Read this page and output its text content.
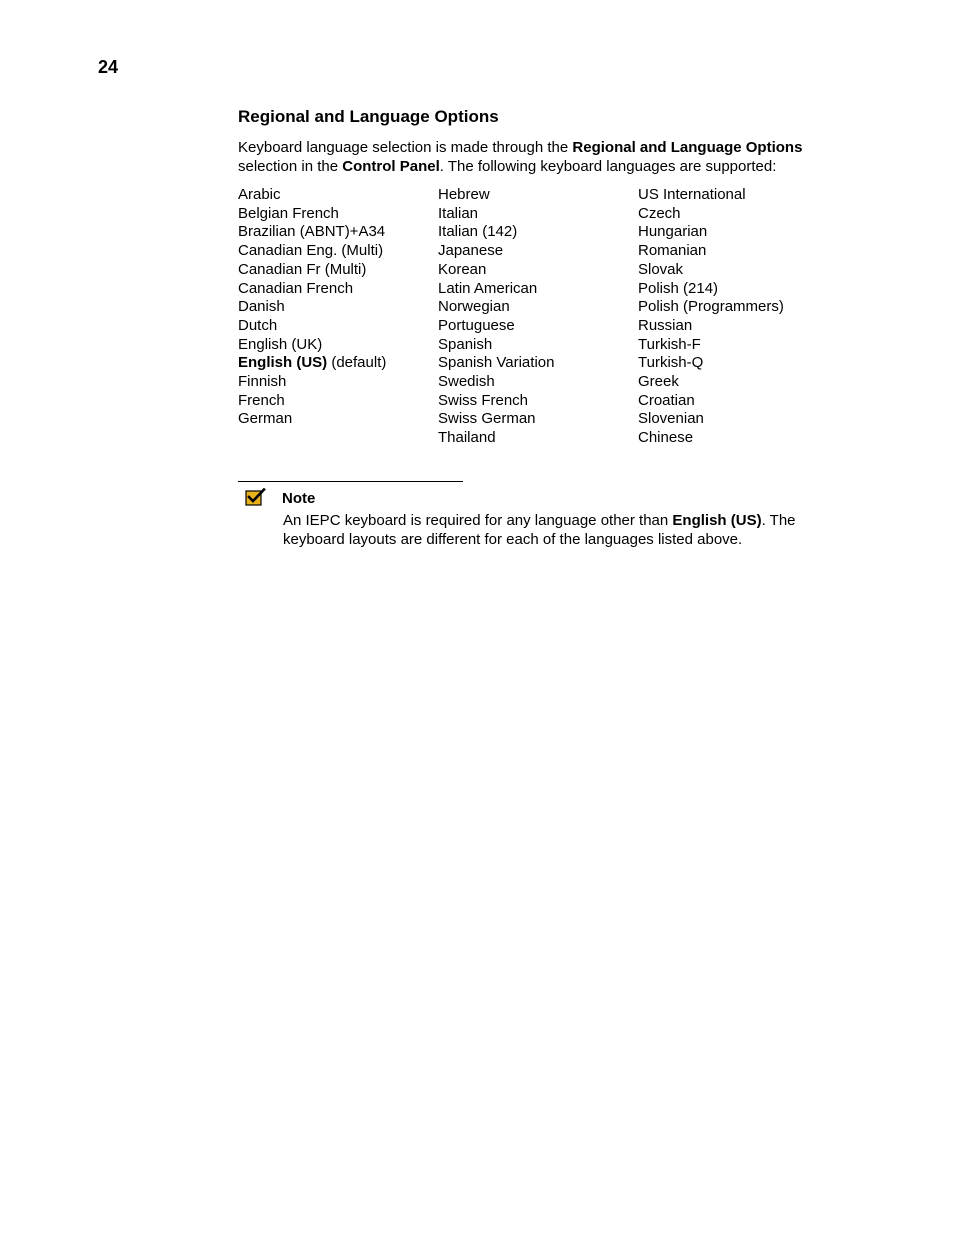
24
Regional and Language Options

Keyboard language selection is made through the Regional and Language Options selection in the Control Panel. The following keyboard languages are supported:

Arabic
Belgian French
Brazilian (ABNT)+A34
Canadian Eng. (Multi)
Canadian Fr (Multi)
Canadian French
Danish
Dutch
English (UK)
English (US) (default)
Finnish
French
German
Hebrew
Italian
Italian (142)
Japanese
Korean
Latin American
Norwegian
Portuguese
Spanish
Spanish Variation
Swedish
Swiss French
Swiss German
Thailand
US International
Czech
Hungarian
Romanian
Slovak
Polish (214)
Polish (Programmers)
Russian
Turkish-F
Turkish-Q
Greek
Croatian
Slovenian
Chinese
Note
An IEPC keyboard is required for any language other than English (US). The keyboard layouts are different for each of the languages listed above.
